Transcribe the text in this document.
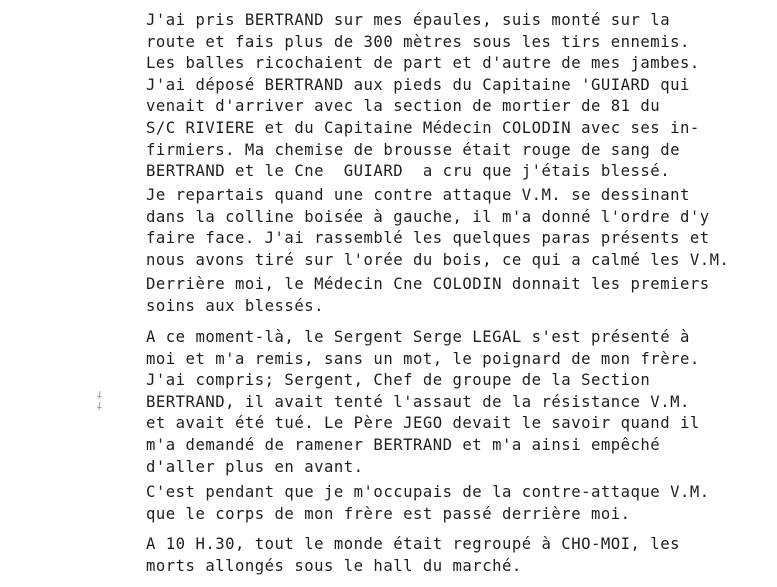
J'ai pris BERTRAND sur mes épaules, suis monté sur la
route et fais plus de 300 mètres sous les tirs ennemis.
Les balles ricochaient de part et d'autre de mes jambes.
J'ai déposé BERTRAND aux pieds du Capitaine 'GUIARD qui
venait d'arriver avec la section de mortier de 81 du
S/C RIVIERE et du Capitaine Médecin COLODIN avec ses in-
firmiers. Ma chemise de brousse était rouge de sang de
BERTRAND et le Cne  GUIARD  a cru que j'étais blessé.

Je repartais quand une contre attaque V.M. se dessinant
dans la colline boisée à gauche, il m'a donné l'ordre d'y
faire face. J'ai rassemblé les quelques paras présents et
nous avons tiré sur l'orée du bois, ce qui a calmé les V.M.

Derrière moi, le Médecin Cne COLODIN donnait les premiers
soins aux blessés.

A ce moment-là, le Sergent Serge LEGAL s'est présenté à
moi et m'a remis, sans un mot, le poignard de mon frère.
J'ai compris; Sergent, Chef de groupe de la Section
BERTRAND, il avait tenté l'assaut de la résistance V.M.
et avait été tué. Le Père JEGO devait le savoir quand il
m'a demandé de ramener BERTRAND et m'a ainsi empêché
d'aller plus en avant.

C'est pendant que je m'occupais de la contre-attaque V.M.
que le corps de mon frère est passé derrière moi.

A 10 H.30, tout le monde était regroupé à CHO-MOI, les
morts allongés sous le hall du marché.
